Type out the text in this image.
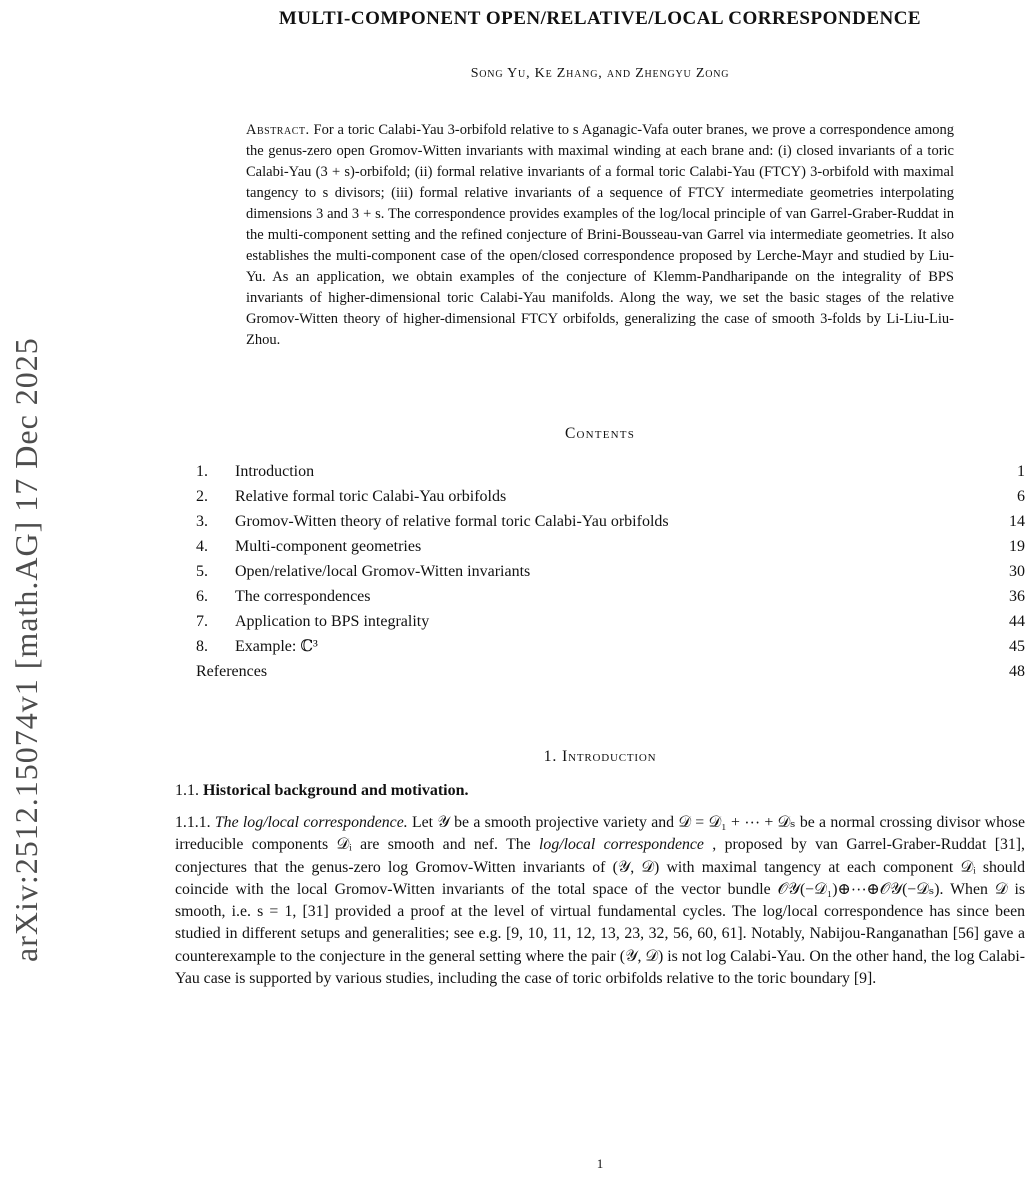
arXiv:2512.15074v1 [math.AG] 17 Dec 2025
MULTI-COMPONENT OPEN/RELATIVE/LOCAL CORRESPONDENCE
Song Yu, Ke Zhang, and Zhengyu Zong
Abstract. For a toric Calabi-Yau 3-orbifold relative to s Aganagic-Vafa outer branes, we prove a correspondence among the genus-zero open Gromov-Witten invariants with maximal winding at each brane and: (i) closed invariants of a toric Calabi-Yau (3 + s)-orbifold; (ii) formal relative invariants of a formal toric Calabi-Yau (FTCY) 3-orbifold with maximal tangency to s divisors; (iii) formal relative invariants of a sequence of FTCY intermediate geometries interpolating dimensions 3 and 3 + s. The correspondence provides examples of the log/local principle of van Garrel-Graber-Ruddat in the multi-component setting and the refined conjecture of Brini-Bousseau-van Garrel via intermediate geometries. It also establishes the multi-component case of the open/closed correspondence proposed by Lerche-Mayr and studied by Liu-Yu. As an application, we obtain examples of the conjecture of Klemm-Pandharipande on the integrality of BPS invariants of higher-dimensional toric Calabi-Yau manifolds. Along the way, we set the basic stages of the relative Gromov-Witten theory of higher-dimensional FTCY orbifolds, generalizing the case of smooth 3-folds by Li-Liu-Liu-Zhou.
Contents
1.	Introduction	1
2.	Relative formal toric Calabi-Yau orbifolds	6
3.	Gromov-Witten theory of relative formal toric Calabi-Yau orbifolds	14
4.	Multi-component geometries	19
5.	Open/relative/local Gromov-Witten invariants	30
6.	The correspondences	36
7.	Application to BPS integrality	44
8.	Example: ℂ³	45
References	48
1. Introduction
1.1. Historical background and motivation.

1.1.1. The log/local correspondence. Let 𝒴 be a smooth projective variety and 𝒟 = 𝒟₁ + ⋯ + 𝒟ₛ be a normal crossing divisor whose irreducible components 𝒟ᵢ are smooth and nef. The log/local correspondence , proposed by van Garrel-Graber-Ruddat [31], conjectures that the genus-zero log Gromov-Witten invariants of (𝒴, 𝒟) with maximal tangency at each component 𝒟ᵢ should coincide with the local Gromov-Witten invariants of the total space of the vector bundle 𝒪𝒴(−𝒟₁)⊕⋯⊕𝒪𝒴(−𝒟ₛ). When 𝒟 is smooth, i.e. s = 1, [31] provided a proof at the level of virtual fundamental cycles. The log/local correspondence has since been studied in different setups and generalities; see e.g. [9, 10, 11, 12, 13, 23, 32, 56, 60, 61]. Notably, Nabijou-Ranganathan [56] gave a counterexample to the conjecture in the general setting where the pair (𝒴, 𝒟) is not log Calabi-Yau. On the other hand, the log Calabi-Yau case is supported by various studies, including the case of toric orbifolds relative to the toric boundary [9].

1
